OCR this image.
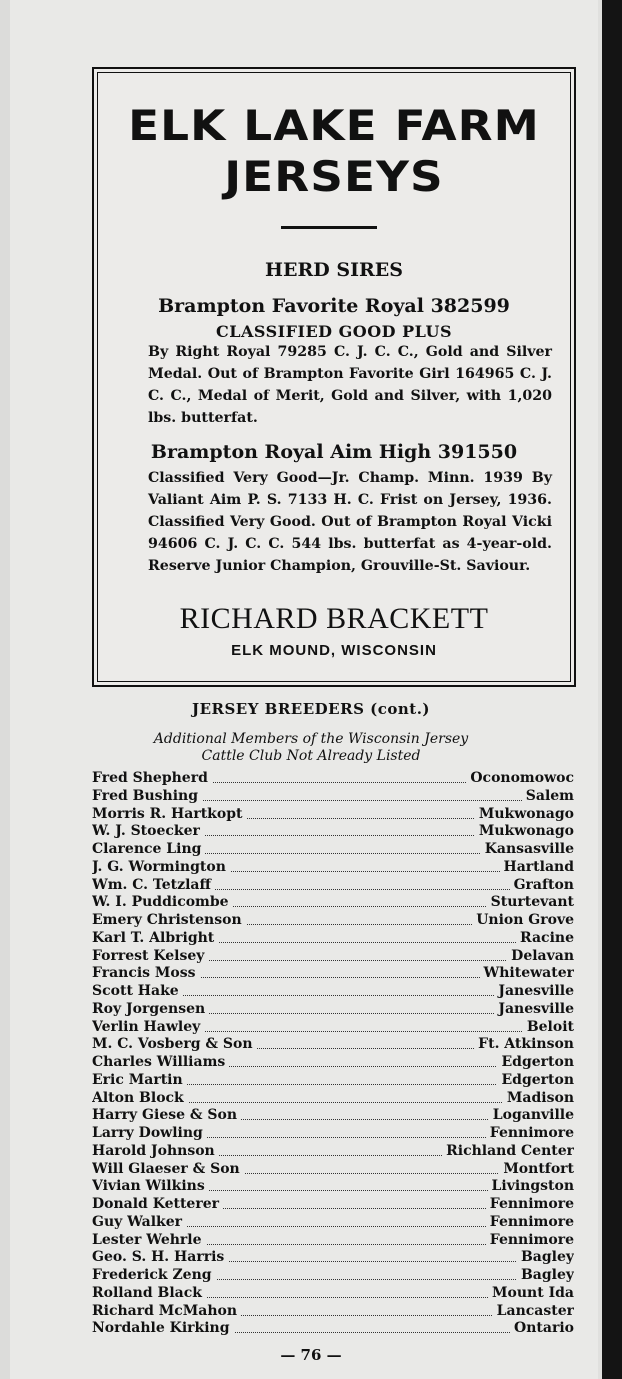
ELK LAKE FARM
JERSEYS
HERD SIRES
Brampton Favorite Royal 382599
CLASSIFIED GOOD PLUS
By Right Royal 79285 C. J. C. C., Gold and Silver Medal. Out of Brampton Favorite Girl 164965 C. J. C. C., Medal of Merit, Gold and Silver, with 1,020 lbs. butterfat.
Brampton Royal Aim High 391550
Classified Very Good—Jr. Champ. Minn. 1939 By Valiant Aim P. S. 7133 H. C. Frist on Jersey, 1936. Classified Very Good. Out of Brampton Royal Vicki 94606 C. J. C. C. 544 lbs. butterfat as 4-year-old. Reserve Junior Champion, Grouville-St. Saviour.
RICHARD BRACKETT
ELK MOUND, WISCONSIN
JERSEY BREEDERS (cont.)
Additional Members of the Wisconsin Jersey
Cattle Club Not Already Listed
Fred Shepherd	Oconomowoc
Fred Bushing	Salem
Morris R. Hartkopt	Mukwonago
W. J. Stoecker	Mukwonago
Clarence Ling	Kansasville
J. G. Wormington	Hartland
Wm. C. Tetzlaff	Grafton
W. I. Puddicombe	Sturtevant
Emery Christenson	Union Grove
Karl T. Albright	Racine
Forrest Kelsey	Delavan
Francis Moss	Whitewater
Scott Hake	Janesville
Roy Jorgensen	Janesville
Verlin Hawley	Beloit
M. C. Vosberg & Son	Ft. Atkinson
Charles Williams	Edgerton
Eric Martin	Edgerton
Alton Block	Madison
Harry Giese & Son	Loganville
Larry Dowling	Fennimore
Harold Johnson	Richland Center
Will Glaeser & Son	Montfort
Vivian Wilkins	Livingston
Donald Ketterer	Fennimore
Guy Walker	Fennimore
Lester Wehrle	Fennimore
Geo. S. H. Harris	Bagley
Frederick Zeng	Bagley
Rolland Black	Mount Ida
Richard McMahon	Lancaster
Nordahle Kirking	Ontario
— 76 —
